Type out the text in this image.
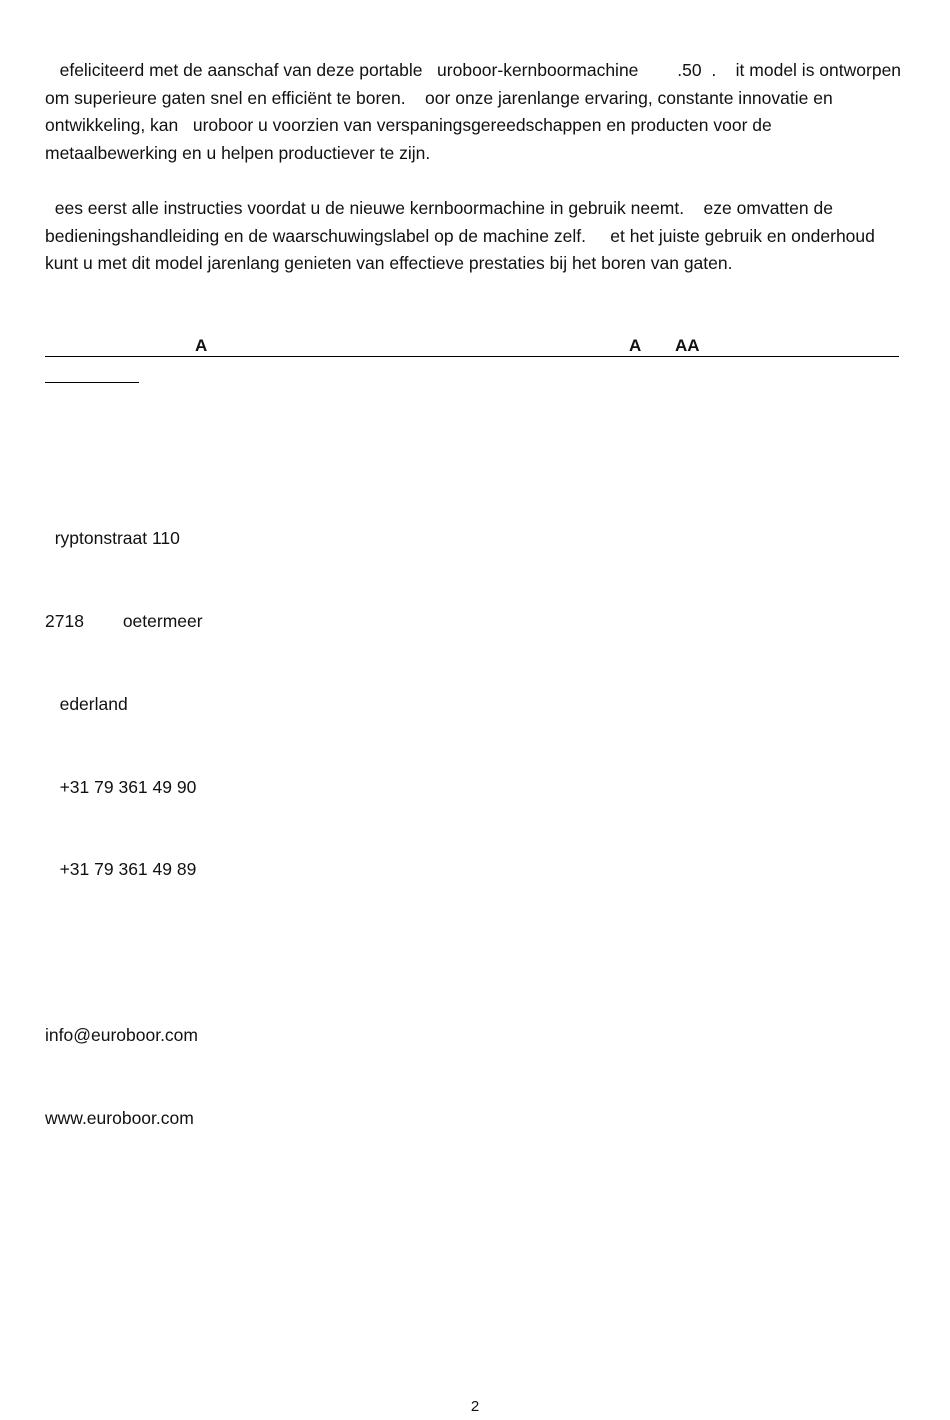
efeliciteerd met de aanschaf van deze portable   uroboor-kernboormachine        .50  .    it model is ontworpen om superieure gaten snel en efficiënt te boren.    oor onze jarenlange ervaring, constante innovatie en ontwikkeling, kan   uroboor u voorzien van verspaningsgereedschappen en producten voor de metaalbewerking en u helpen productiever te zijn.

ees eerst alle instructies voordat u de nieuwe kernboormachine in gebruik neemt.    eze omvatten de bedieningshandleiding en de waarschuwingslabel op de machine zelf.     et het juiste gebruik en onderhoud kunt u met dit model jarenlang genieten van effectieve prestaties bij het boren van gaten.

A	A AA

ryptonstraat 110

2718        oetermeer

ederland

+31 79 361 49 90

+31 79 361 49 89

info@euroboor.com

www.euroboor.com

2
